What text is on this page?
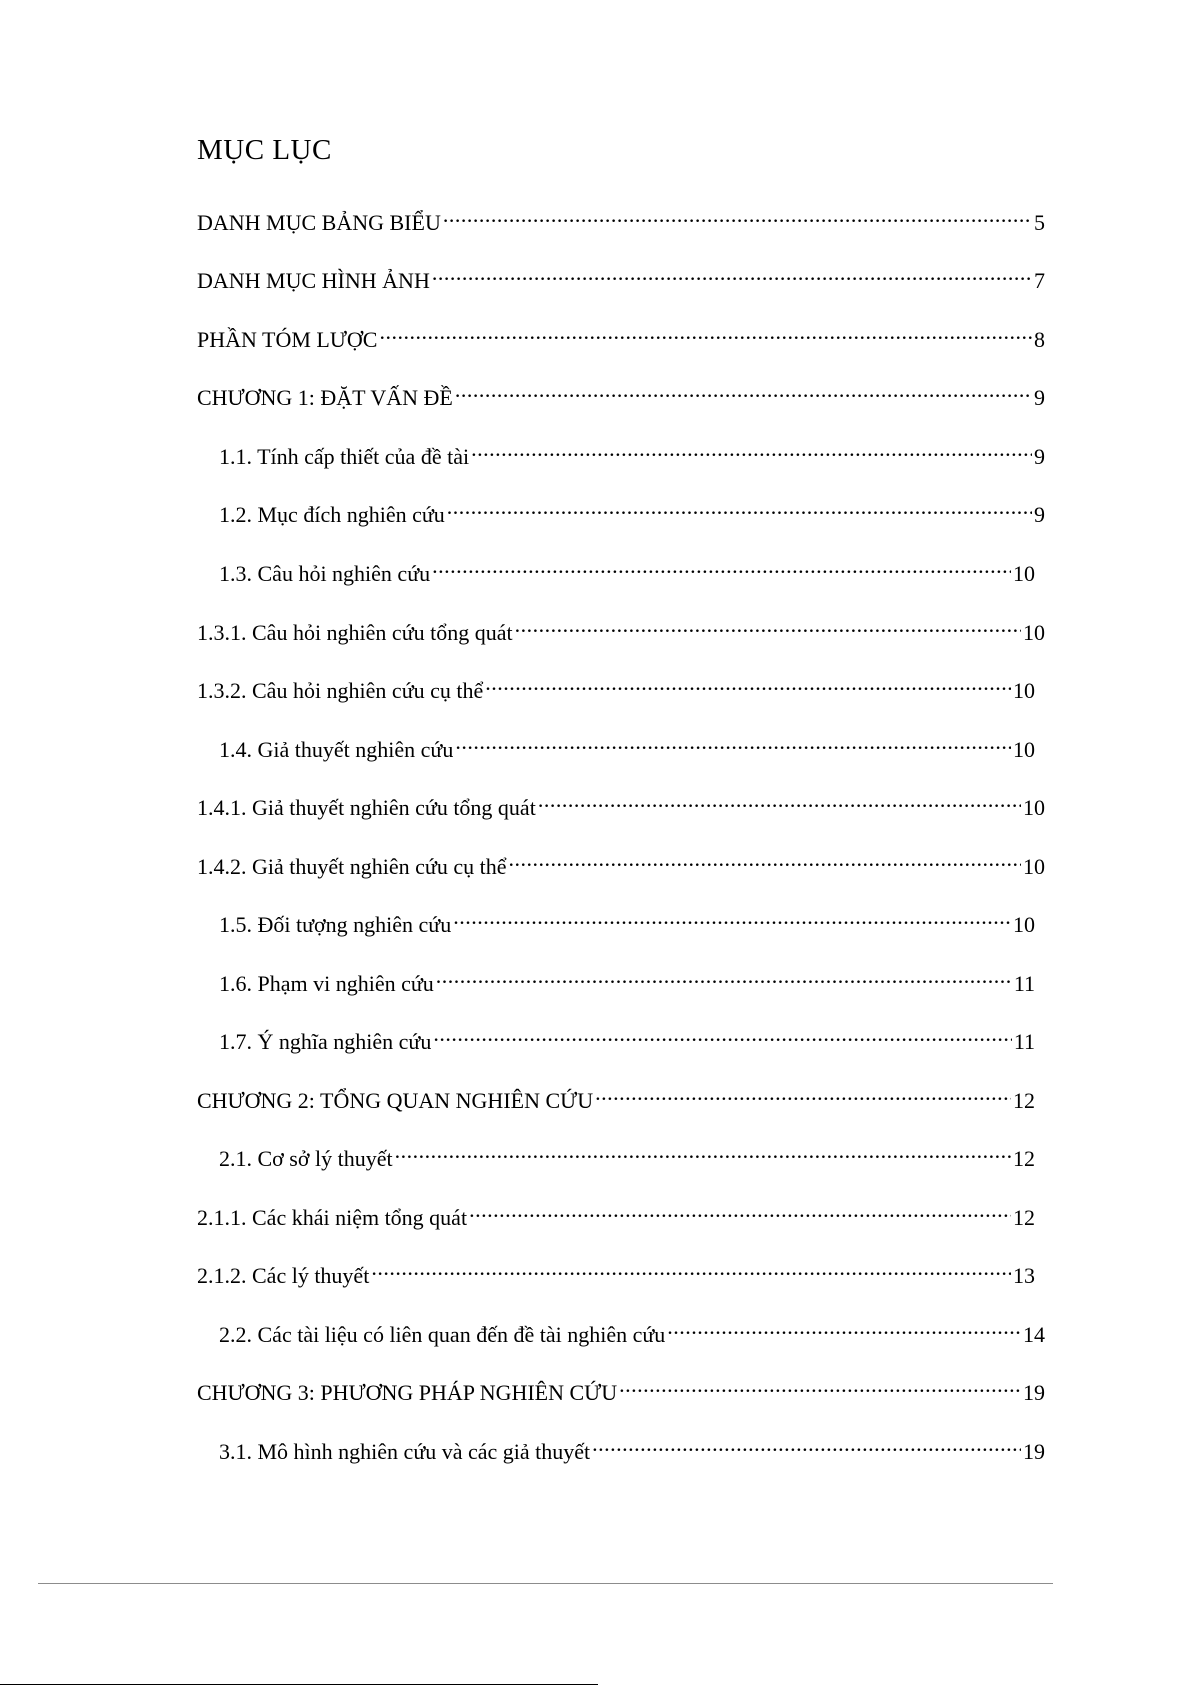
MỤC LỤC
DANH MỤC BẢNG BIỂU .....	5
DANH MỤC HÌNH ẢNH .....	7
PHẦN TÓM LƯỢC .....	8
CHƯƠNG 1: ĐẶT VẤN ĐỀ .....	9
1.1. Tính cấp thiết của đề tài .....	9
1.2. Mục đích nghiên cứu .....	9
1.3. Câu hỏi nghiên cứu .....	10
1.3.1. Câu hỏi nghiên cứu tổng quát .....	10
1.3.2. Câu hỏi nghiên cứu cụ thể .....	10
1.4. Giả thuyết nghiên cứu .....	10
1.4.1. Giả thuyết nghiên cứu tổng quát .....	10
1.4.2. Giả thuyết nghiên cứu cụ thể .....	10
1.5. Đối tượng nghiên cứu .....	10
1.6. Phạm vi nghiên cứu .....	11
1.7. Ý nghĩa nghiên cứu .....	11
CHƯƠNG 2: TỔNG QUAN NGHIÊN CỨU .....	12
2.1. Cơ sở lý thuyết .....	12
2.1.1. Các khái niệm tổng quát .....	12
2.1.2. Các lý thuyết .....	13
2.2. Các tài liệu có liên quan đến đề tài nghiên cứu .....	14
CHƯƠNG 3: PHƯƠNG PHÁP NGHIÊN CỨU .....	19
3.1. Mô hình nghiên cứu và các giả thuyết .....	19
